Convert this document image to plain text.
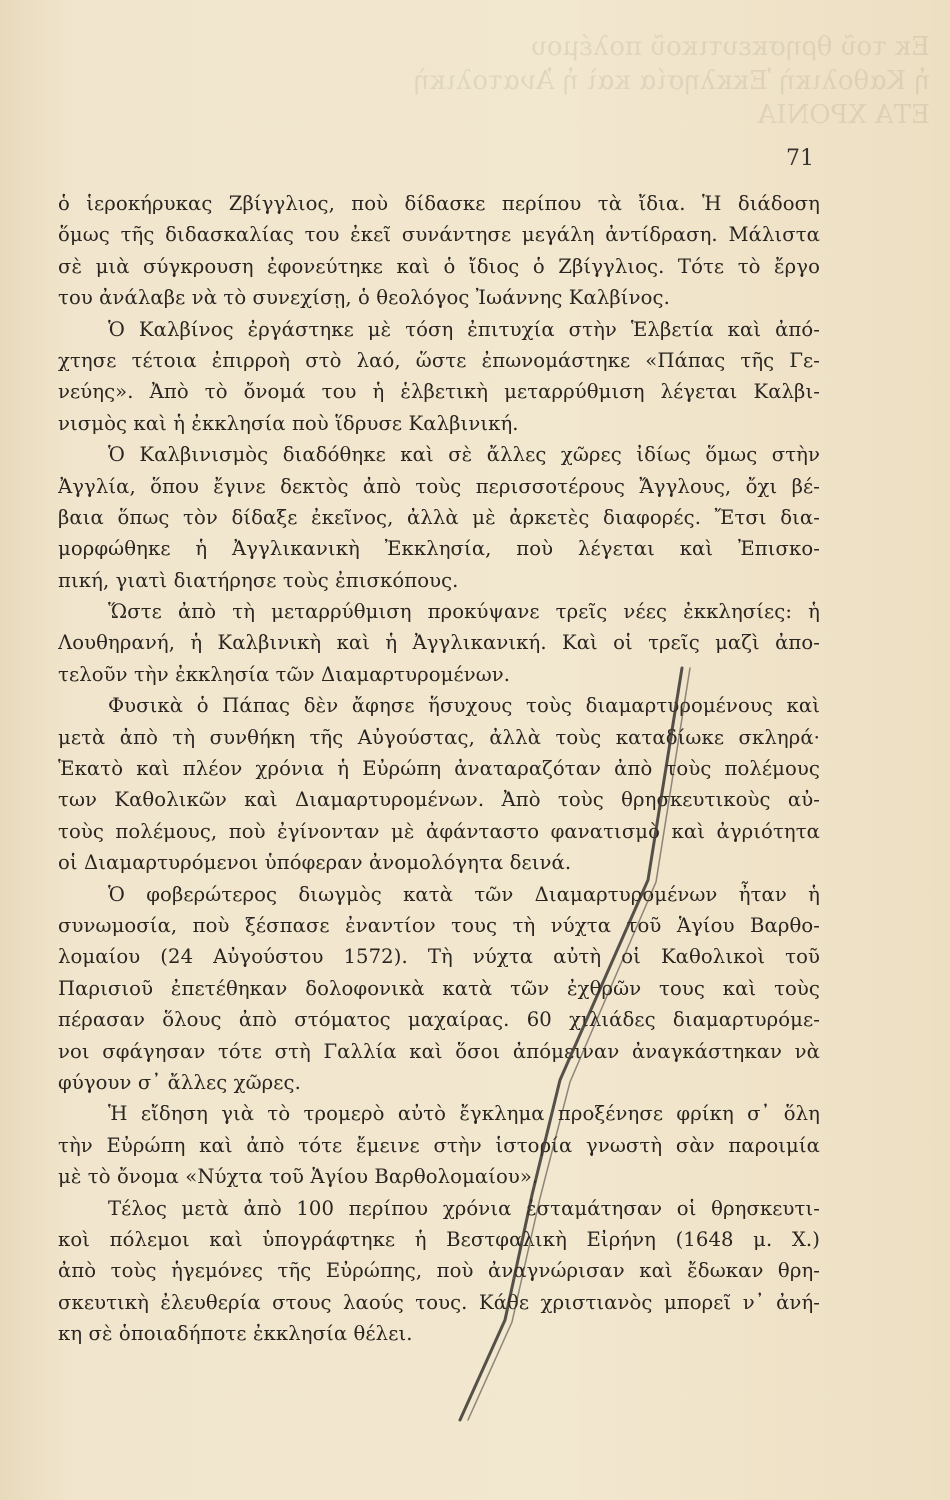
Εκ τοῦ θρησκευτικοῦ πολέμου
ἡ Καθολικὴ Ἐκκλησία καὶ ἡ Ἀνατολικὴ
ΕΤΑ ΧΡΟΝΙΑ
71
ὁ ἱεροκήρυκας Ζβίγγλιος, ποὺ δίδασκε περίπου τὰ ἴδια. Ἡ διάδοση
ὅμως τῆς διδασκαλίας του ἐκεῖ συνάντησε μεγάλη ἀντίδραση. Μάλιστα
σὲ μιὰ σύγκρουση ἐφονεύτηκε καὶ ὁ ἴδιος ὁ Ζβίγγλιος. Τότε τὸ ἔργο
του ἀνάλαβε νὰ τὸ συνεχίσῃ, ὁ θεολόγος Ἰωάννης Καλβίνος.
Ὁ Καλβίνος ἐργάστηκε μὲ τόση ἐπιτυχία στὴν Ἑλβετία καὶ ἀπό-
χτησε τέτοια ἐπιρροὴ στὸ λαό, ὥστε ἐπωνομάστηκε «Πάπας τῆς Γε-
νεύης». Ἀπὸ τὸ ὄνομά του ἡ ἑλβετικὴ μεταρρύθμιση λέγεται Καλβι-
νισμὸς καὶ ἡ ἐκκλησία ποὺ ἵδρυσε Καλβινική.
Ὁ Καλβινισμὸς διαδόθηκε καὶ σὲ ἄλλες χῶρες ἰδίως ὅμως στὴν
Ἀγγλία, ὅπου ἔγινε δεκτὸς ἀπὸ τοὺς περισσοτέρους Ἄγγλους, ὄχι βέ-
βαια ὅπως τὸν δίδαξε ἐκεῖνος, ἀλλὰ μὲ ἀρκετὲς διαφορές. Ἔτσι δια-
μορφώθηκε ἡ Ἀγγλικανικὴ Ἐκκλησία, ποὺ λέγεται καὶ Ἐπισκο-
πική, γιατὶ διατήρησε τοὺς ἐπισκόπους.
Ὥστε ἀπὸ τὴ μεταρρύθμιση προκύψανε τρεῖς νέες ἐκκλησίες: ἡ
Λουθηρανή, ἡ Καλβινικὴ καὶ ἡ Ἀγγλικανική. Καὶ οἱ τρεῖς μαζὶ ἀπο-
τελοῦν τὴν ἐκκλησία τῶν Διαμαρτυρομένων.
Φυσικὰ ὁ Πάπας δὲν ἄφησε ἥσυχους τοὺς διαμαρτυρομένους καὶ
μετὰ ἀπὸ τὴ συνθήκη τῆς Αὐγούστας, ἀλλὰ τοὺς καταδίωκε σκληρά·
Ἑκατὸ καὶ πλέον χρόνια ἡ Εὐρώπη ἀναταραζόταν ἀπὸ τοὺς πολέμους
των Καθολικῶν καὶ Διαμαρτυρομένων. Ἀπὸ τοὺς θρησκευτικοὺς αὐ-
τοὺς πολέμους, ποὺ ἐγίνονταν μὲ ἀφάνταστο φανατισμὸ καὶ ἀγριότητα
οἱ Διαμαρτυρόμενοι ὑπόφεραν ἀνομολόγητα δεινά.
Ὁ φοβερώτερος διωγμὸς κατὰ τῶν Διαμαρτυρομένων ἦταν ἡ
συνωμοσία, ποὺ ξέσπασε ἐναντίον τους τὴ νύχτα τοῦ Ἁγίου Βαρθο-
λομαίου (24 Αὐγούστου 1572). Τὴ νύχτα αὐτὴ οἱ Καθολικοὶ τοῦ
Παρισιοῦ ἐπετέθηκαν δολοφονικὰ κατὰ τῶν ἐχθρῶν τους καὶ τοὺς
πέρασαν ὅλους ἀπὸ στόματος μαχαίρας. 60 χιλιάδες διαμαρτυρόμε-
νοι σφάγησαν τότε στὴ Γαλλία καὶ ὅσοι ἀπόμειναν ἀναγκάστηκαν νὰ
φύγουν σ᾽ ἄλλες χῶρες.
Ἡ εἴδηση γιὰ τὸ τρομερὸ αὐτὸ ἔγκλημα προξένησε φρίκη σ᾽ ὅλη
τὴν Εὐρώπη καὶ ἀπὸ τότε ἔμεινε στὴν ἱστορία γνωστὴ σὰν παροιμία
μὲ τὸ ὄνομα «Νύχτα τοῦ Ἁγίου Βαρθολομαίου».
Τέλος μετὰ ἀπὸ 100 περίπου χρόνια ἐσταμάτησαν οἱ θρησκευτι-
κοὶ πόλεμοι καὶ ὑπογράφτηκε ἡ Βεστφαλικὴ Εἰρήνη (1648 μ. Χ.)
ἀπὸ τοὺς ἡγεμόνες τῆς Εὐρώπης, ποὺ ἀναγνώρισαν καὶ ἔδωκαν θρη-
σκευτικὴ ἐλευθερία στους λαούς τους. Κάθε χριστιανὸς μπορεῖ ν᾽ ἀνή-
κη σὲ ὁποιαδήποτε ἐκκλησία θέλει.
